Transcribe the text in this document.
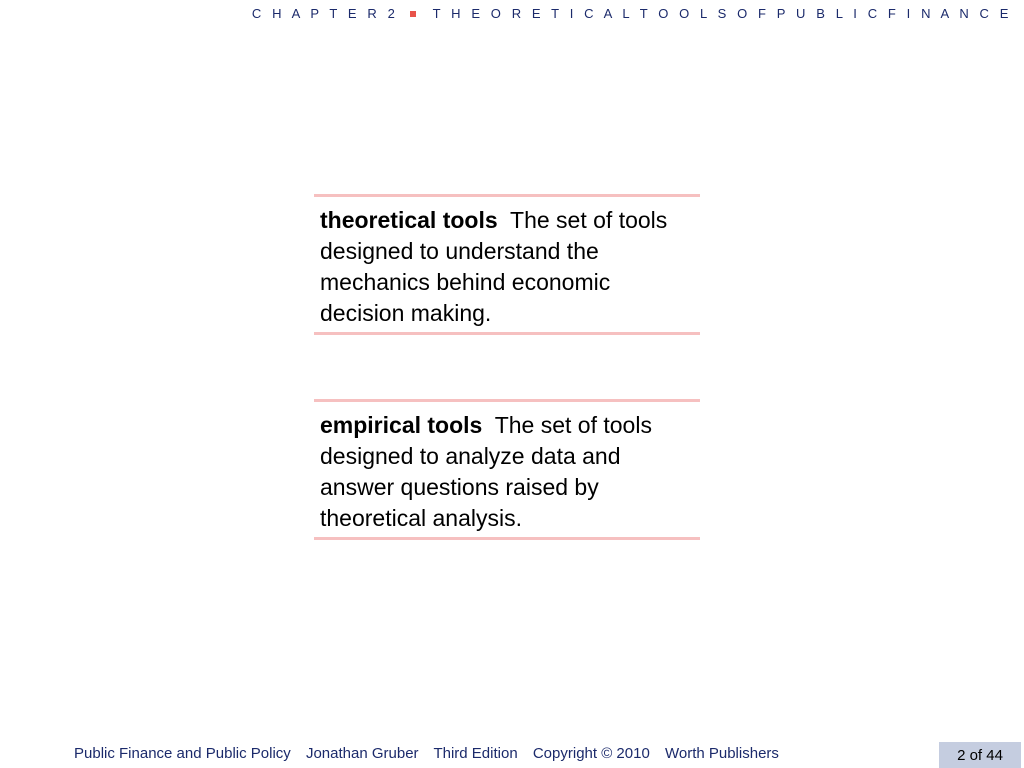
C H A P T E R 2	T H E O R E T I C A L T O O L S O F P U B L I C F I N A N C E
theoretical tools The set of tools designed to understand the mechanics behind economic decision making.
empirical tools The set of tools designed to analyze data and answer questions raised by theoretical analysis.
Public Finance and Public Policy Jonathan Gruber Third Edition Copyright © 2010 Worth Publishers	2 of 44
